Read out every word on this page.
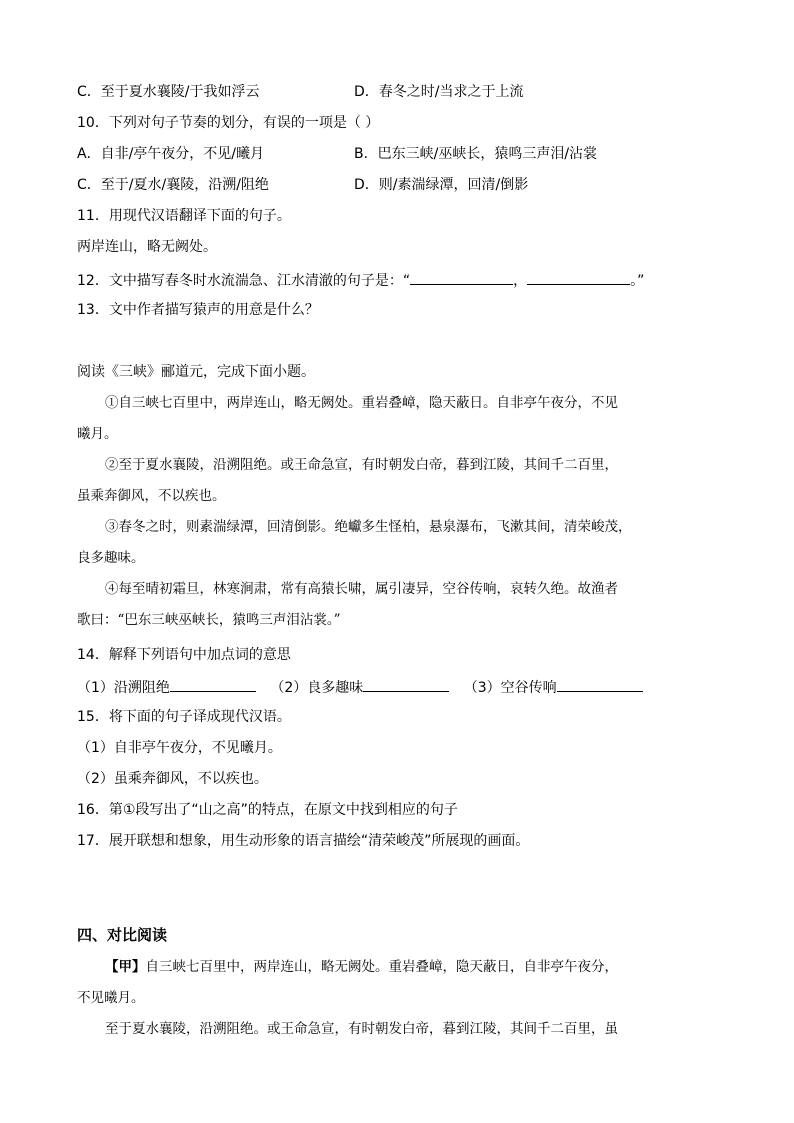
C．至于夏水襄陵/于我如浮云	D．春冬之时/当求之于上流
10．下列对句子节奏的划分，有误的一项是（ ）
A．自非/亭午夜分，不见/曦月	B．巴东三峡/巫峡长，猿鸣三声泪/沾裳
C．至于/夏水/襄陵，沿溯/阻绝	D．则/素湍绿潭，回清/倒影
11．用现代汉语翻译下面的句子。
两岸连山，略无阙处。
12．文中描写春冬时水流湍急、江水清澈的句子是：“	，	。”
13．文中作者描写猿声的用意是什么？
阅读《三峡》郦道元，完成下面小题。
①自三峡七百里中，两岸连山，略无阙处。重岩叠嶂，隐天蔽日。自非亭午夜分，不见
曦月。
②至于夏水襄陵，沿溯阻绝。或王命急宣，有时朝发白帝，暮到江陵，其间千二百里，
虽乘奔御风，不以疾也。
③春冬之时，则素湍绿潭，回清倒影。绝巘多生怪柏，悬泉瀑布，飞漱其间，清荣峻茂，
良多趣味。
④每至晴初霜旦，林寒涧肃，常有高猿长啸，属引凄异，空谷传响，哀转久绝。故渔者
歌曰：“巴东三峡巫峡长，猿鸣三声泪沾裳。”
14．解释下列语句中加点词的意思
（1）沿溯阻绝	（2）良多趣味	（3）空谷传响
15．将下面的句子译成现代汉语。
（1）自非亭午夜分，不见曦月。
（2）虽乘奔御风，不以疾也。
16．第①段写出了“山之高”的特点，在原文中找到相应的句子
17．展开联想和想象，用生动形象的语言描绘“清荣峻茂”所展现的画面。
四、对比阅读
【甲】自三峡七百里中，两岸连山，略无阙处。重岩叠嶂，隐天蔽日，自非亭午夜分，
不见曦月。
至于夏水襄陵，沿溯阻绝。或王命急宣，有时朝发白帝，暮到江陵，其间千二百里，虽
